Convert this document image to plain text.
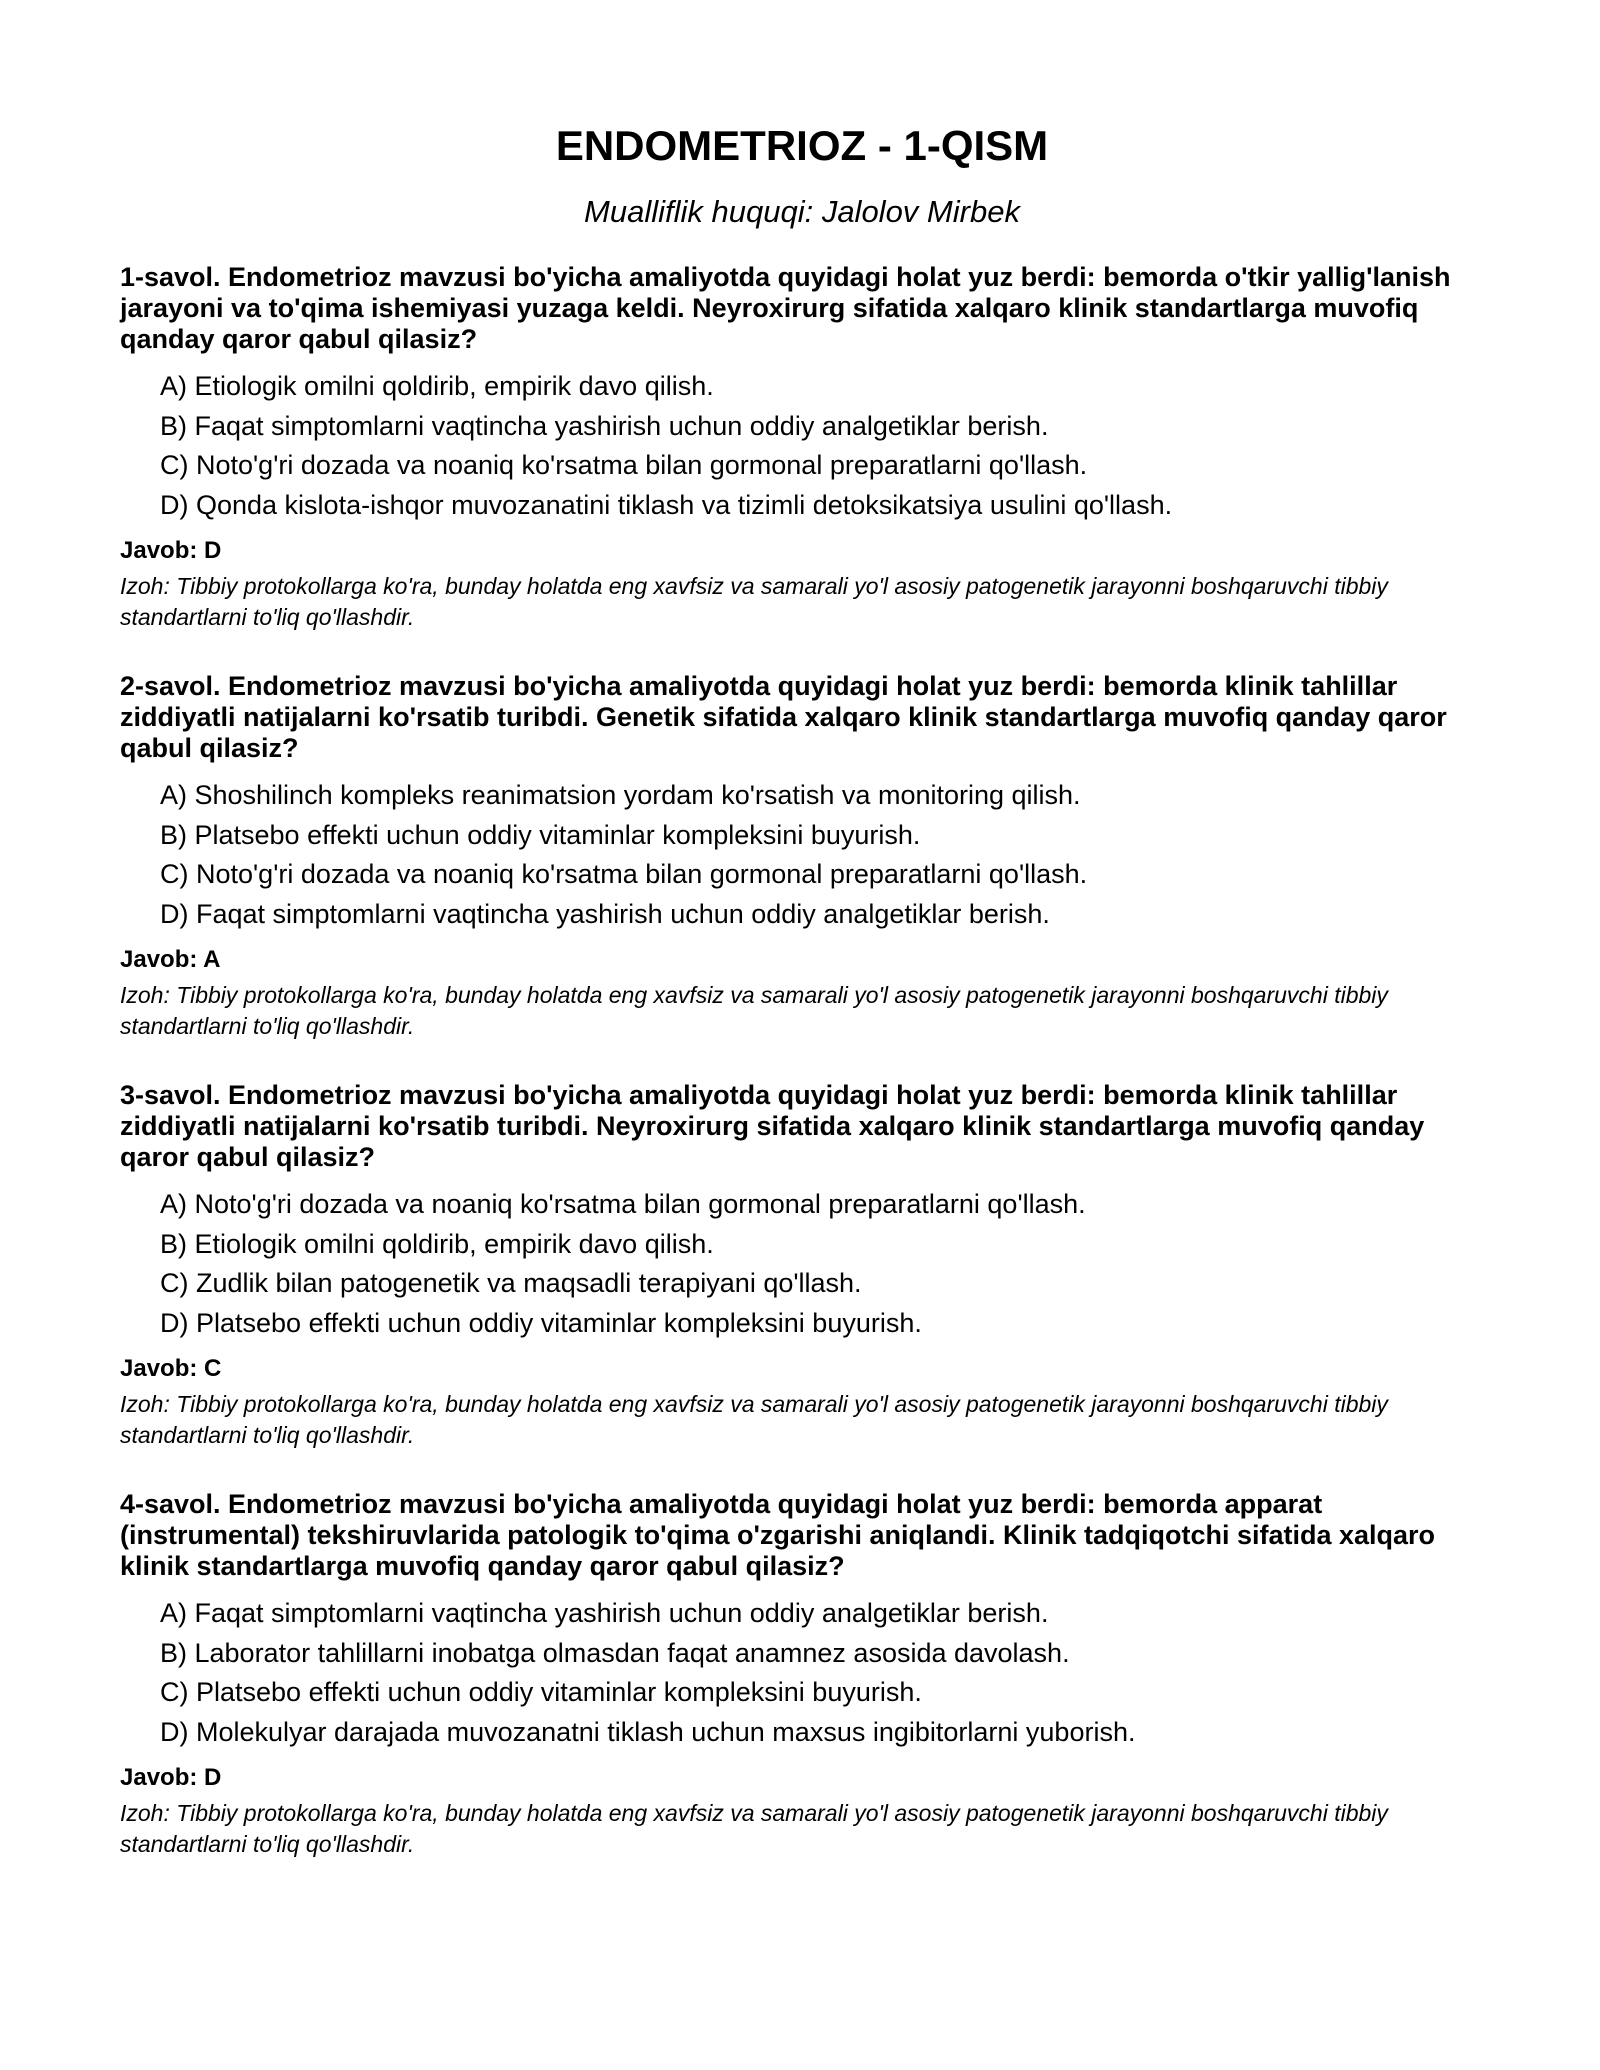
ENDOMETRIOZ - 1-QISM
Mualliflik huquqi: Jalolov Mirbek
1-savol. Endometrioz mavzusi bo'yicha amaliyotda quyidagi holat yuz berdi: bemorda o'tkir yallig'lanish jarayoni va to'qima ishemiyasi yuzaga keldi. Neyroxirurg sifatida xalqaro klinik standartlarga muvofiq qanday qaror qabul qilasiz?
A) Etiologik omilni qoldirib, empirik davo qilish.
B) Faqat simptomlarni vaqtincha yashirish uchun oddiy analgetiklar berish.
C) Noto'g'ri dozada va noaniq ko'rsatma bilan gormonal preparatlarni qo'llash.
D) Qonda kislota-ishqor muvozanatini tiklash va tizimli detoksikatsiya usulini qo'llash.
Javob: D
Izoh: Tibbiy protokollarga ko'ra, bunday holatda eng xavfsiz va samarali yo'l asosiy patogenetik jarayonni boshqaruvchi tibbiy standartlarni to'liq qo'llashdir.
2-savol. Endometrioz mavzusi bo'yicha amaliyotda quyidagi holat yuz berdi: bemorda klinik tahlillar ziddiyatli natijalarni ko'rsatib turibdi. Genetik sifatida xalqaro klinik standartlarga muvofiq qanday qaror qabul qilasiz?
A) Shoshilinch kompleks reanimatsion yordam ko'rsatish va monitoring qilish.
B) Platsebo effekti uchun oddiy vitaminlar kompleksini buyurish.
C) Noto'g'ri dozada va noaniq ko'rsatma bilan gormonal preparatlarni qo'llash.
D) Faqat simptomlarni vaqtincha yashirish uchun oddiy analgetiklar berish.
Javob: A
Izoh: Tibbiy protokollarga ko'ra, bunday holatda eng xavfsiz va samarali yo'l asosiy patogenetik jarayonni boshqaruvchi tibbiy standartlarni to'liq qo'llashdir.
3-savol. Endometrioz mavzusi bo'yicha amaliyotda quyidagi holat yuz berdi: bemorda klinik tahlillar ziddiyatli natijalarni ko'rsatib turibdi. Neyroxirurg sifatida xalqaro klinik standartlarga muvofiq qanday qaror qabul qilasiz?
A) Noto'g'ri dozada va noaniq ko'rsatma bilan gormonal preparatlarni qo'llash.
B) Etiologik omilni qoldirib, empirik davo qilish.
C) Zudlik bilan patogenetik va maqsadli terapiyani qo'llash.
D) Platsebo effekti uchun oddiy vitaminlar kompleksini buyurish.
Javob: C
Izoh: Tibbiy protokollarga ko'ra, bunday holatda eng xavfsiz va samarali yo'l asosiy patogenetik jarayonni boshqaruvchi tibbiy standartlarni to'liq qo'llashdir.
4-savol. Endometrioz mavzusi bo'yicha amaliyotda quyidagi holat yuz berdi: bemorda apparat (instrumental) tekshiruvlarida patologik to'qima o'zgarishi aniqlandi. Klinik tadqiqotchi sifatida xalqaro klinik standartlarga muvofiq qanday qaror qabul qilasiz?
A) Faqat simptomlarni vaqtincha yashirish uchun oddiy analgetiklar berish.
B) Laborator tahlillarni inobatga olmasdan faqat anamnez asosida davolash.
C) Platsebo effekti uchun oddiy vitaminlar kompleksini buyurish.
D) Molekulyar darajada muvozanatni tiklash uchun maxsus ingibitorlarni yuborish.
Javob: D
Izoh: Tibbiy protokollarga ko'ra, bunday holatda eng xavfsiz va samarali yo'l asosiy patogenetik jarayonni boshqaruvchi tibbiy standartlarni to'liq qo'llashdir.
